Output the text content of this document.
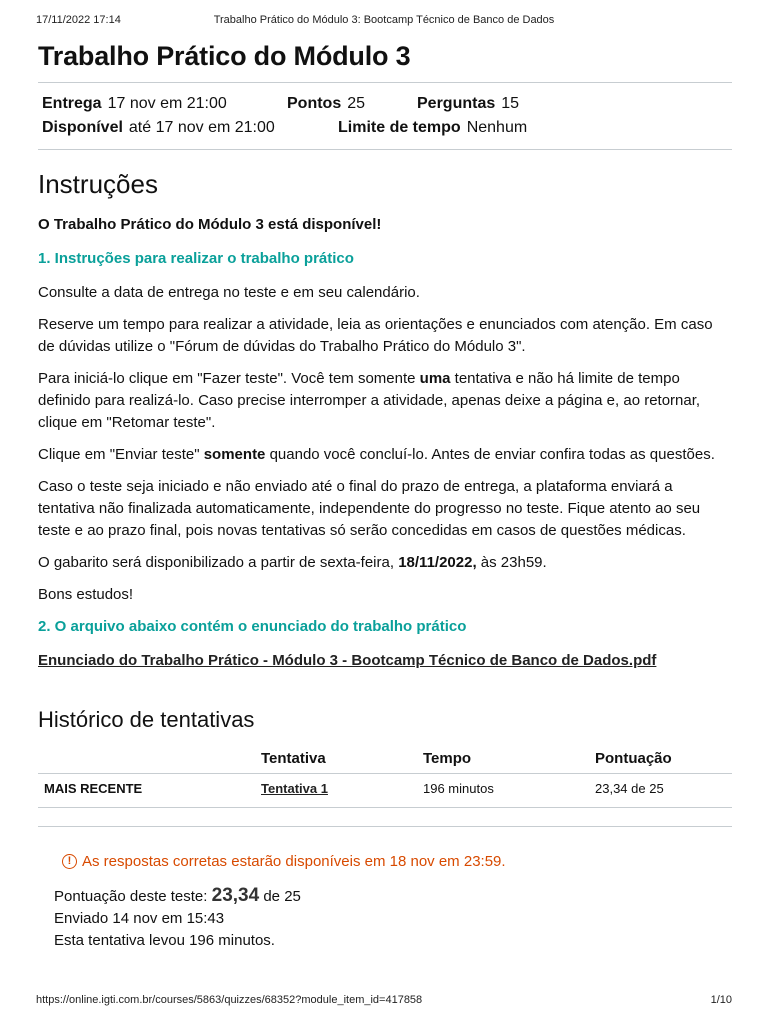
17/11/2022 17:14	Trabalho Prático do Módulo 3: Bootcamp Técnico de Banco de Dados
Trabalho Prático do Módulo 3
Entrega 17 nov em 21:00	Pontos 25	Perguntas 15
Disponível até 17 nov em 21:00	Limite de tempo Nenhum
Instruções

O Trabalho Prático do Módulo 3 está disponível!

1. Instruções para realizar o trabalho prático

Consulte a data de entrega no teste e em seu calendário.

Reserve um tempo para realizar a atividade, leia as orientações e enunciados com atenção. Em caso de dúvidas utilize o "Fórum de dúvidas do Trabalho Prático do Módulo 3".

Para iniciá-lo clique em "Fazer teste". Você tem somente uma tentativa e não há limite de tempo definido para realizá-lo. Caso precise interromper a atividade, apenas deixe a página e, ao retornar, clique em "Retomar teste".

Clique em "Enviar teste" somente quando você concluí-lo. Antes de enviar confira todas as questões.

Caso o teste seja iniciado e não enviado até o final do prazo de entrega, a plataforma enviará a tentativa não finalizada automaticamente, independente do progresso no teste. Fique atento ao seu teste e ao prazo final, pois novas tentativas só serão concedidas em casos de questões médicas.

O gabarito será disponibilizado a partir de sexta-feira, 18/11/2022, às 23h59.

Bons estudos!

2. O arquivo abaixo contém o enunciado do trabalho prático

Enunciado do Trabalho Prático - Módulo 3 - Bootcamp Técnico de Banco de Dados.pdf

Histórico de tentativas
	Tentativa	Tempo	Pontuação
MAIS RECENTE	Tentativa 1	196 minutos	23,34 de 25
! As respostas corretas estarão disponíveis em 18 nov em 23:59.
Pontuação deste teste: 23,34 de 25
Enviado 14 nov em 15:43
Esta tentativa levou 196 minutos.
https://online.igti.com.br/courses/5863/quizzes/68352?module_item_id=417858	1/10
